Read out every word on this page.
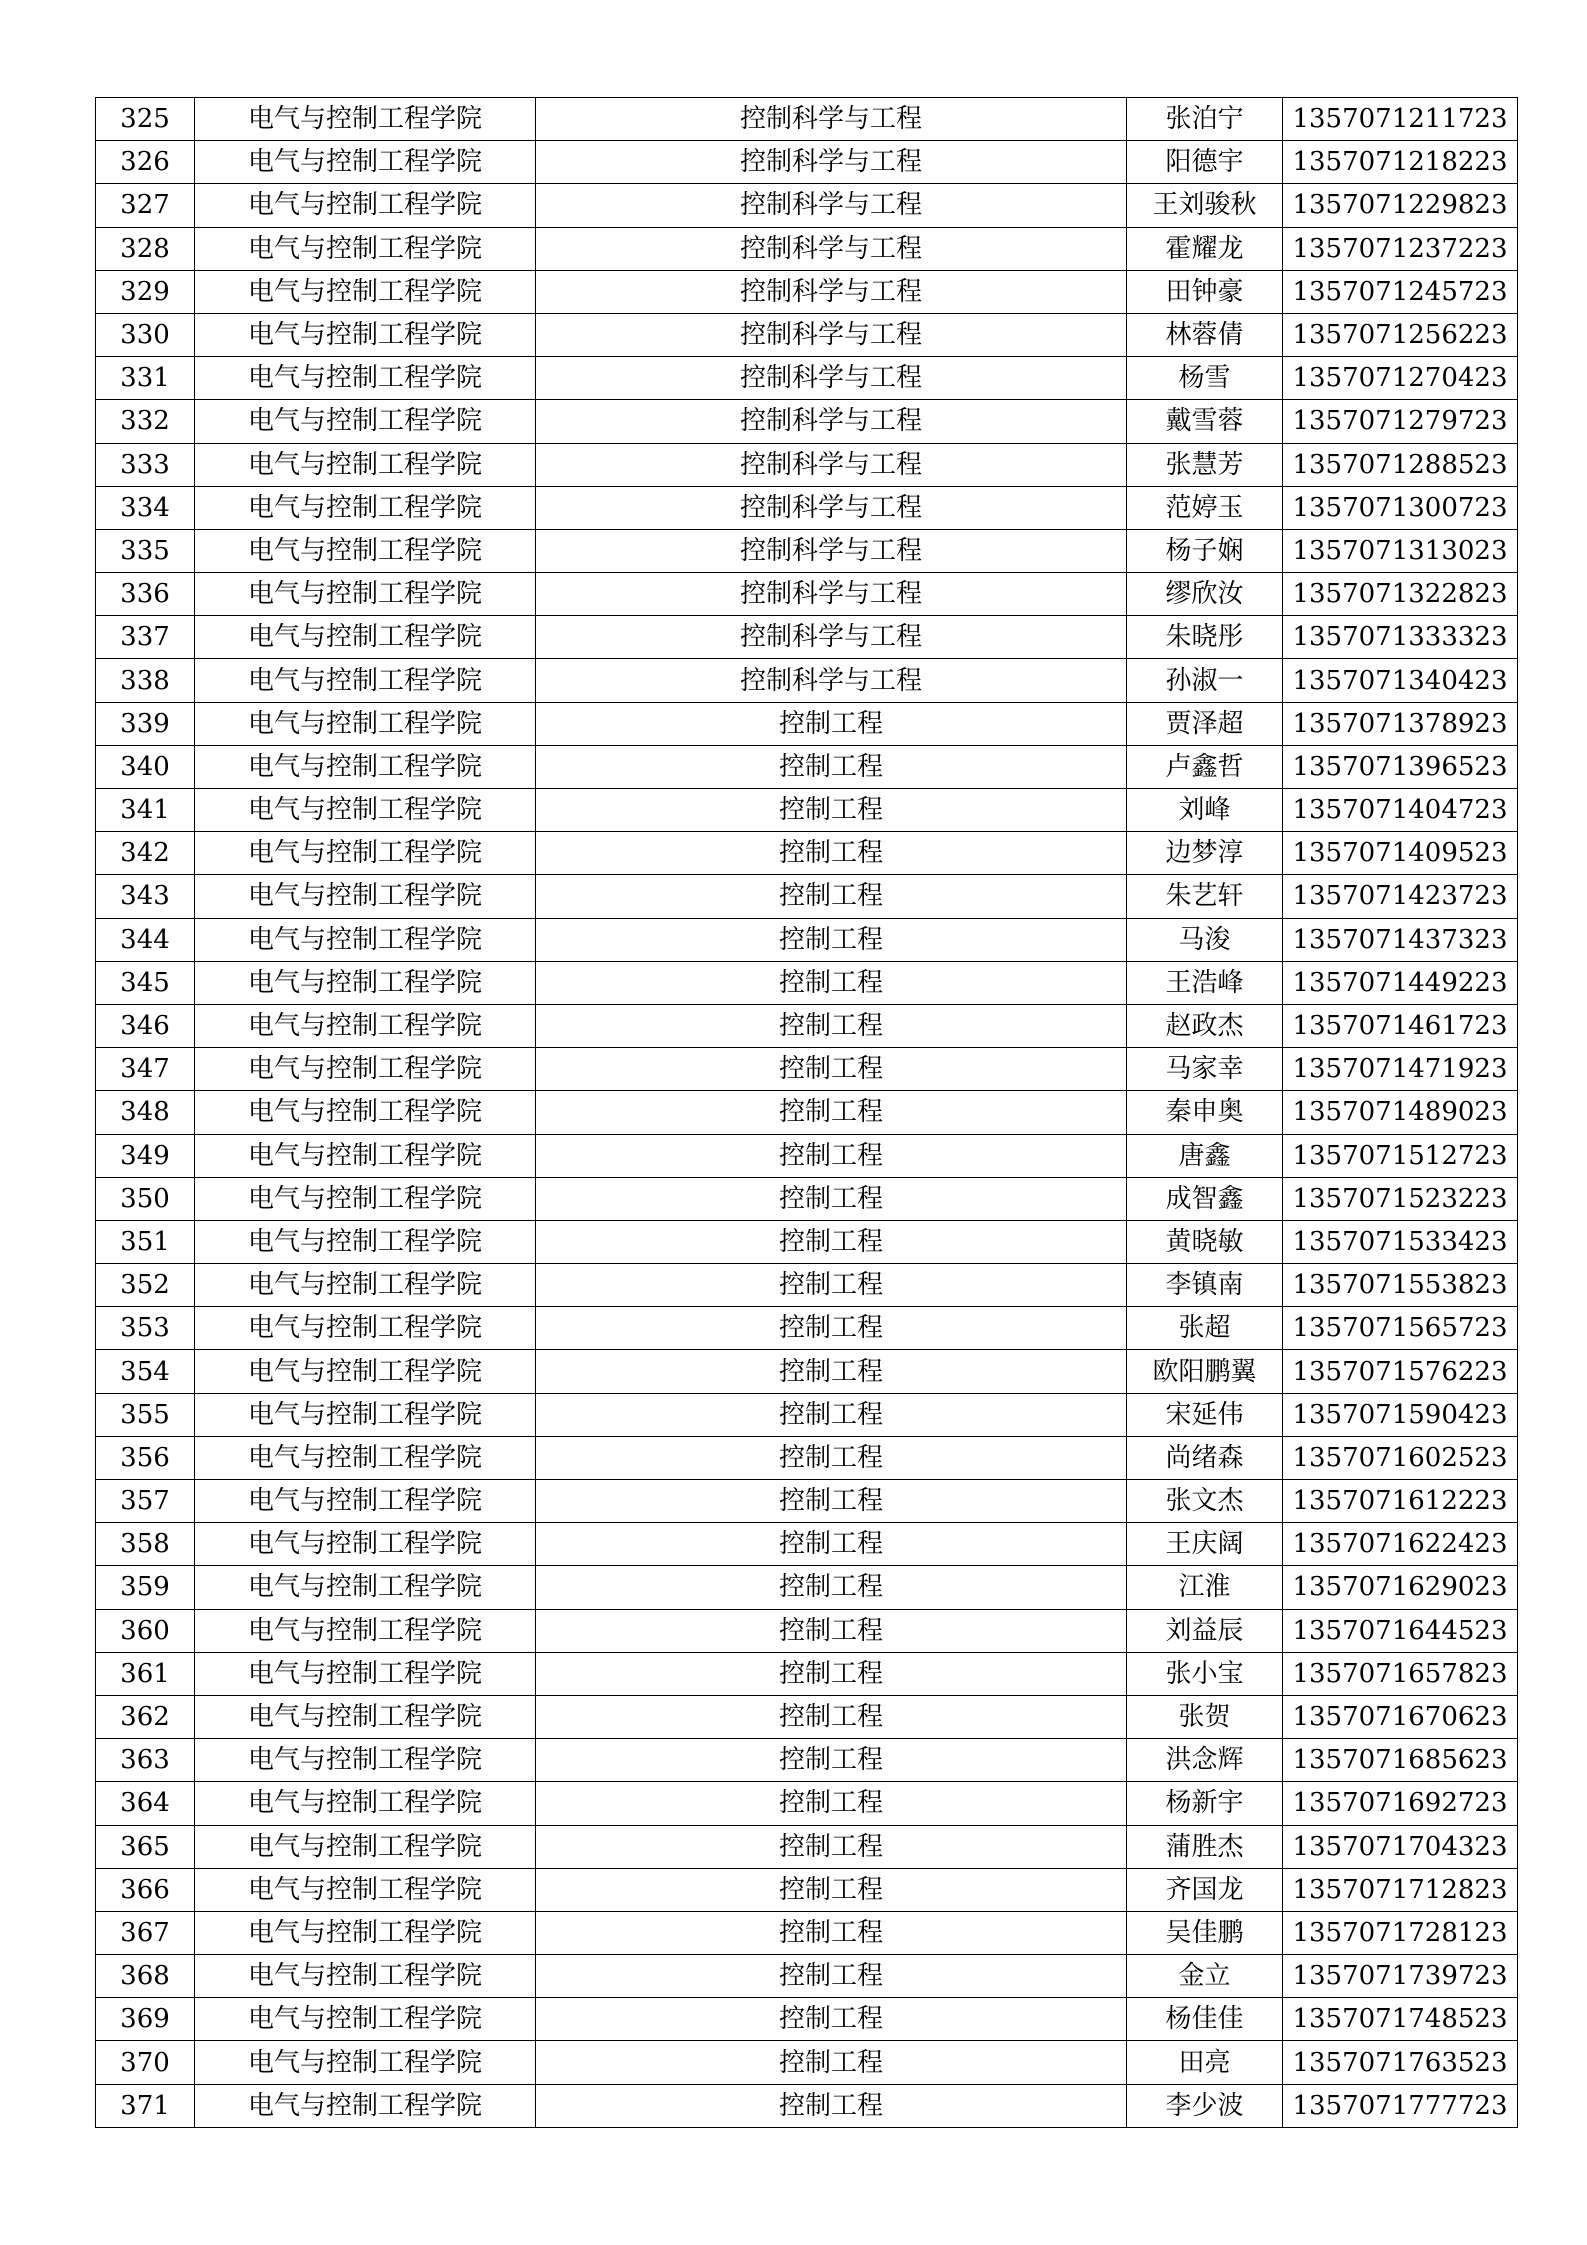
325	电气与控制工程学院	控制科学与工程	张泊宁	1357071211723
326	电气与控制工程学院	控制科学与工程	阳德宇	1357071218223
327	电气与控制工程学院	控制科学与工程	王刘骏秋	1357071229823
328	电气与控制工程学院	控制科学与工程	霍耀龙	1357071237223
329	电气与控制工程学院	控制科学与工程	田钟豪	1357071245723
330	电气与控制工程学院	控制科学与工程	林蓉倩	1357071256223
331	电气与控制工程学院	控制科学与工程	杨雪	1357071270423
332	电气与控制工程学院	控制科学与工程	戴雪蓉	1357071279723
333	电气与控制工程学院	控制科学与工程	张慧芳	1357071288523
334	电气与控制工程学院	控制科学与工程	范婷玉	1357071300723
335	电气与控制工程学院	控制科学与工程	杨子娴	1357071313023
336	电气与控制工程学院	控制科学与工程	缪欣汝	1357071322823
337	电气与控制工程学院	控制科学与工程	朱晓彤	1357071333323
338	电气与控制工程学院	控制科学与工程	孙淑一	1357071340423
339	电气与控制工程学院	控制工程	贾泽超	1357071378923
340	电气与控制工程学院	控制工程	卢鑫哲	1357071396523
341	电气与控制工程学院	控制工程	刘峰	1357071404723
342	电气与控制工程学院	控制工程	边梦淳	1357071409523
343	电气与控制工程学院	控制工程	朱艺轩	1357071423723
344	电气与控制工程学院	控制工程	马浚	1357071437323
345	电气与控制工程学院	控制工程	王浩峰	1357071449223
346	电气与控制工程学院	控制工程	赵政杰	1357071461723
347	电气与控制工程学院	控制工程	马家幸	1357071471923
348	电气与控制工程学院	控制工程	秦申奥	1357071489023
349	电气与控制工程学院	控制工程	唐鑫	1357071512723
350	电气与控制工程学院	控制工程	成智鑫	1357071523223
351	电气与控制工程学院	控制工程	黄晓敏	1357071533423
352	电气与控制工程学院	控制工程	李镇南	1357071553823
353	电气与控制工程学院	控制工程	张超	1357071565723
354	电气与控制工程学院	控制工程	欧阳鹏翼	1357071576223
355	电气与控制工程学院	控制工程	宋延伟	1357071590423
356	电气与控制工程学院	控制工程	尚绪森	1357071602523
357	电气与控制工程学院	控制工程	张文杰	1357071612223
358	电气与控制工程学院	控制工程	王庆阔	1357071622423
359	电气与控制工程学院	控制工程	江淮	1357071629023
360	电气与控制工程学院	控制工程	刘益辰	1357071644523
361	电气与控制工程学院	控制工程	张小宝	1357071657823
362	电气与控制工程学院	控制工程	张贺	1357071670623
363	电气与控制工程学院	控制工程	洪念辉	1357071685623
364	电气与控制工程学院	控制工程	杨新宇	1357071692723
365	电气与控制工程学院	控制工程	蒲胜杰	1357071704323
366	电气与控制工程学院	控制工程	齐国龙	1357071712823
367	电气与控制工程学院	控制工程	吴佳鹏	1357071728123
368	电气与控制工程学院	控制工程	金立	1357071739723
369	电气与控制工程学院	控制工程	杨佳佳	1357071748523
370	电气与控制工程学院	控制工程	田亮	1357071763523
371	电气与控制工程学院	控制工程	李少波	1357071777723
